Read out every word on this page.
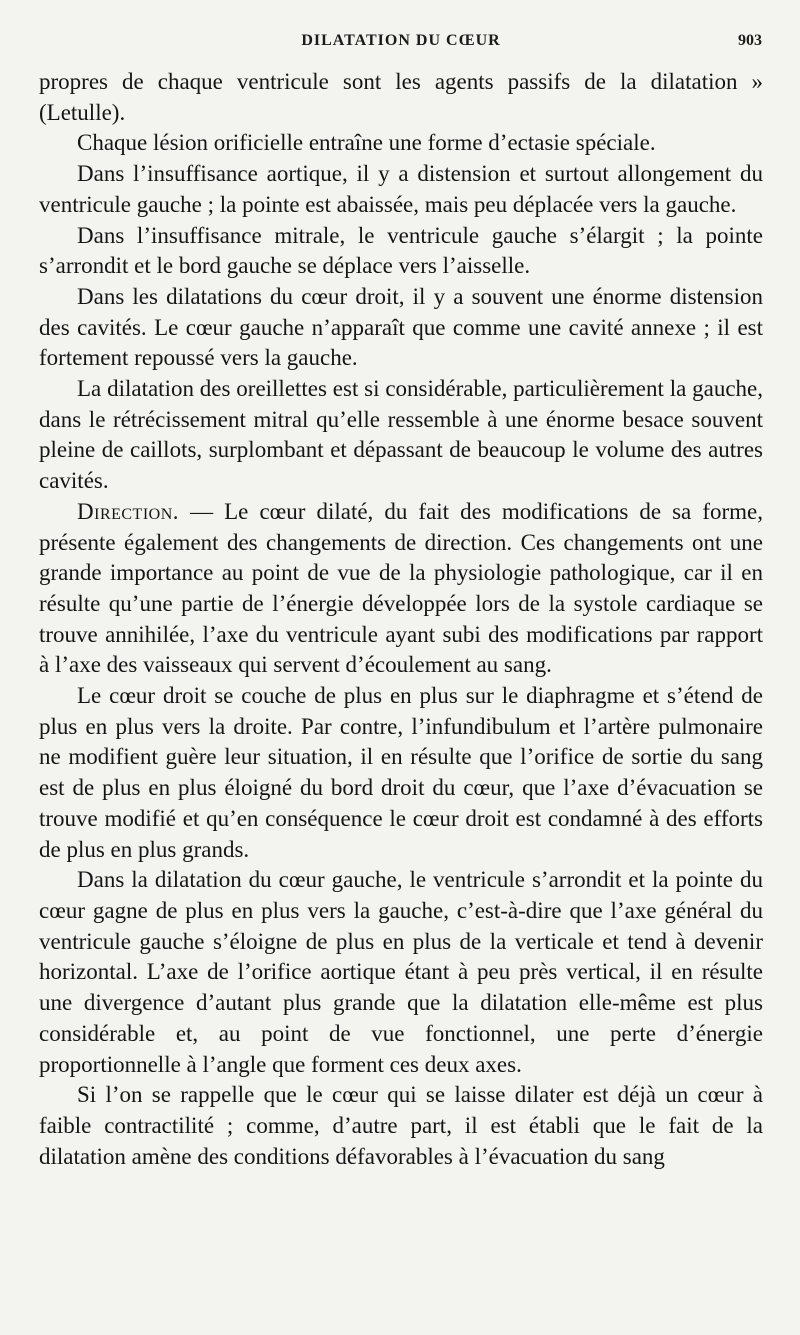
DILATATION DU CŒUR	903

propres de chaque ventricule sont les agents passifs de la dilatation » (Letulle).

Chaque lésion orificielle entraîne une forme d’ectasie spéciale.

Dans l’insuffisance aortique, il y a distension et surtout allongement du ventricule gauche ; la pointe est abaissée, mais peu déplacée vers la gauche.

Dans l’insuffisance mitrale, le ventricule gauche s’élargit ; la pointe s’arrondit et le bord gauche se déplace vers l’aisselle.

Dans les dilatations du cœur droit, il y a souvent une énorme distension des cavités. Le cœur gauche n’apparaît que comme une cavité annexe ; il est fortement repoussé vers la gauche.

La dilatation des oreillettes est si considérable, particulièrement la gauche, dans le rétrécissement mitral qu’elle ressemble à une énorme besace souvent pleine de caillots, surplombant et dépassant de beaucoup le volume des autres cavités.

Direction. — Le cœur dilaté, du fait des modifications de sa forme, présente également des changements de direction. Ces changements ont une grande importance au point de vue de la physiologie pathologique, car il en résulte qu’une partie de l’énergie développée lors de la systole cardiaque se trouve annihilée, l’axe du ventricule ayant subi des modifications par rapport à l’axe des vaisseaux qui servent d’écoulement au sang.

Le cœur droit se couche de plus en plus sur le diaphragme et s’étend de plus en plus vers la droite. Par contre, l’infundibulum et l’artère pulmonaire ne modifient guère leur situation, il en résulte que l’orifice de sortie du sang est de plus en plus éloigné du bord droit du cœur, que l’axe d’évacuation se trouve modifié et qu’en conséquence le cœur droit est condamné à des efforts de plus en plus grands.

Dans la dilatation du cœur gauche, le ventricule s’arrondit et la pointe du cœur gagne de plus en plus vers la gauche, c’est-à-dire que l’axe général du ventricule gauche s’éloigne de plus en plus de la verticale et tend à devenir horizontal. L’axe de l’orifice aortique étant à peu près vertical, il en résulte une divergence d’autant plus grande que la dilatation elle-même est plus considérable et, au point de vue fonctionnel, une perte d’énergie proportionnelle à l’angle que forment ces deux axes.

Si l’on se rappelle que le cœur qui se laisse dilater est déjà un cœur à faible contractilité ; comme, d’autre part, il est établi que le fait de la dilatation amène des conditions défavorables à l’évacuation du sang
